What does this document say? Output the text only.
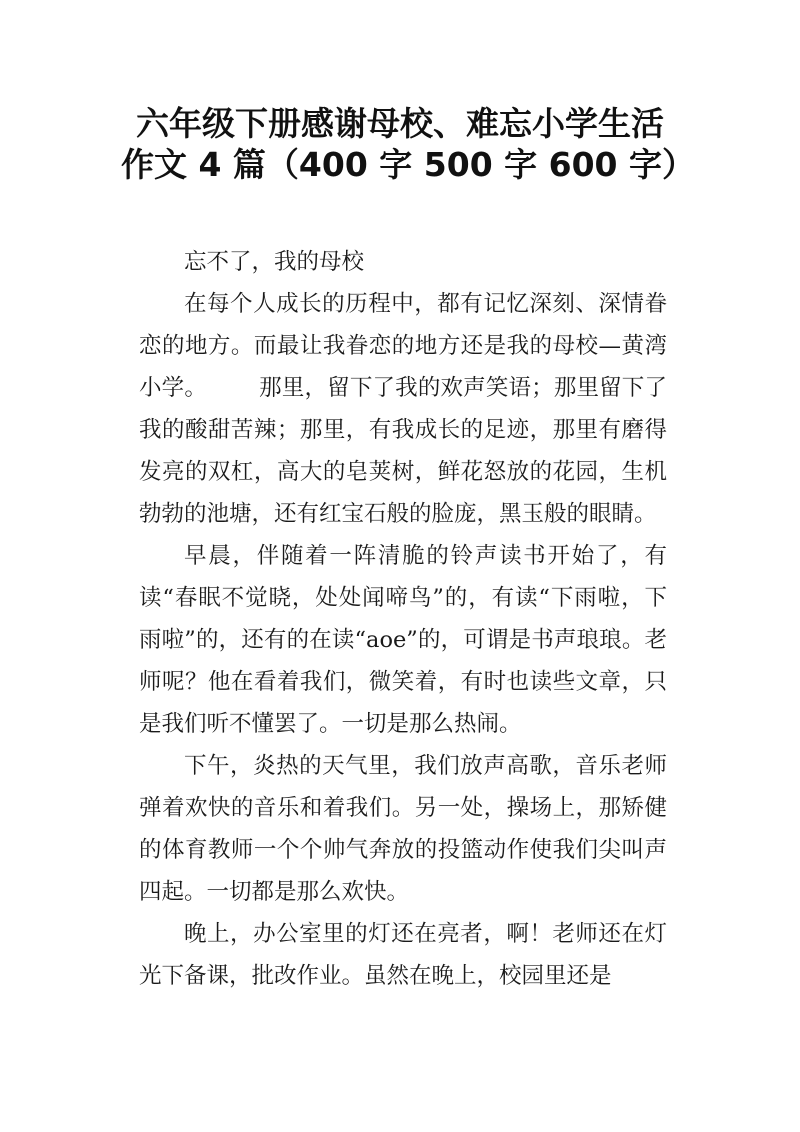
六年级下册感谢母校、难忘小学生活
作文 4 篇（400 字 500 字 600 字）

忘不了，我的母校

在每个人成长的历程中，都有记忆深刻、深情眷恋的地方。而最让我眷恋的地方还是我的母校—黄湾小学。 那里，留下了我的欢声笑语；那里留下了我的酸甜苦辣；那里，有我成长的足迹，那里有磨得发亮的双杠，高大的皂荚树，鲜花怒放的花园，生机勃勃的池塘，还有红宝石般的脸庞，黑玉般的眼睛。

早晨，伴随着一阵清脆的铃声读书开始了，有读“春眠不觉晓，处处闻啼鸟”的，有读“下雨啦，下雨啦”的，还有的在读“aoe”的，可谓是书声琅琅。老师呢？他在看着我们，微笑着，有时也读些文章，只是我们听不懂罢了。一切是那么热闹。

下午，炎热的天气里，我们放声高歌，音乐老师弹着欢快的音乐和着我们。另一处，操场上，那矫健的体育教师一个个帅气奔放的投篮动作使我们尖叫声四起。一切都是那么欢快。

晚上，办公室里的灯还在亮者，啊！老师还在灯光下备课，批改作业。虽然在晚上，校园里还是
